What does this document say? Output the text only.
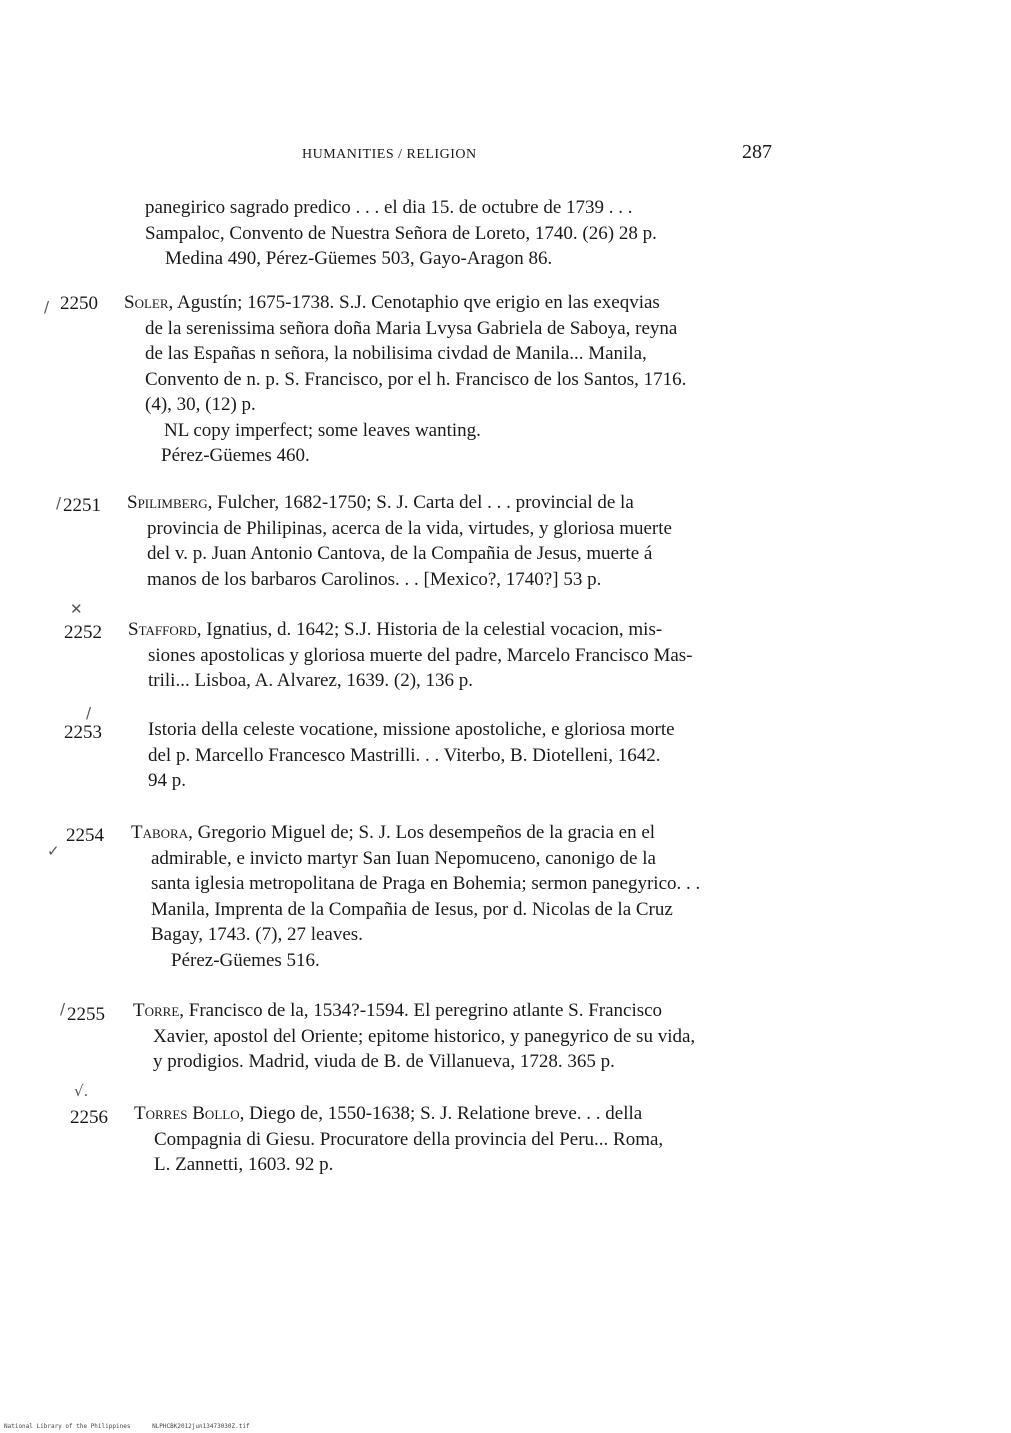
HUMANITIES / RELIGION	287
panegirico sagrado predico . . . el dia 15. de octubre de 1739 . . .
Sampaloc, Convento de Nuestra Señora de Loreto, 1740. (26) 28 p.
Medina 490, Pérez-Güemes 503, Gayo-Aragon 86.
/ 2250 Soler, Agustín; 1675-1738. S.J. Cenotaphio qve erigio en las exeqvias
de la serenissima señora doña Maria Lvysa Gabriela de Saboya, reyna
de las Españas n señora, la nobilisima civdad de Manila... Manila,
Convento de n. p. S. Francisco, por el h. Francisco de los Santos, 1716.
(4), 30, (12) p.
NL copy imperfect; some leaves wanting.
Pérez-Güemes 460.
/ 2251 Spilimberg, Fulcher, 1682-1750; S. J. Carta del . . . provincial de la
provincia de Philipinas, acerca de la vida, virtudes, y gloriosa muerte
del v. p. Juan Antonio Cantova, de la Compañia de Jesus, muerte á
manos de los barbaros Carolinos. . . [Mexico?, 1740?] 53 p.
✕
2252 Stafford, Ignatius, d. 1642; S.J. Historia de la celestial vocacion, mis-
siones apostolicas y gloriosa muerte del padre, Marcelo Francisco Mas-
trili... Lisboa, A. Alvarez, 1639. (2), 136 p.
/
2253 Istoria della celeste vocatione, missione apostoliche, e gloriosa morte
del p. Marcello Francesco Mastrilli. . . Viterbo, B. Diotelleni, 1642.
94 p.
✓
2254 Tabora, Gregorio Miguel de; S. J. Los desempeños de la gracia en el
admirable, e invicto martyr San Iuan Nepomuceno, canonigo de la
santa iglesia metropolitana de Praga en Bohemia; sermon panegyrico. . .
Manila, Imprenta de la Compañia de Iesus, por d. Nicolas de la Cruz
Bagay, 1743. (7), 27 leaves.
Pérez-Güemes 516.
/ 2255 Torre, Francisco de la, 1534?-1594. El peregrino atlante S. Francisco
Xavier, apostol del Oriente; epitome historico, y panegyrico de su vida,
y prodigios. Madrid, viuda de B. de Villanueva, 1728. 365 p.
√.
2256 Torres Bollo, Diego de, 1550-1638; S. J. Relatione breve. . . della
Compagnia di Giesu. Procuratore della provincia del Peru... Roma,
L. Zannetti, 1603. 92 p.
National Library of the Philippines	NLPHCBK2012jun13473030Z.tif
